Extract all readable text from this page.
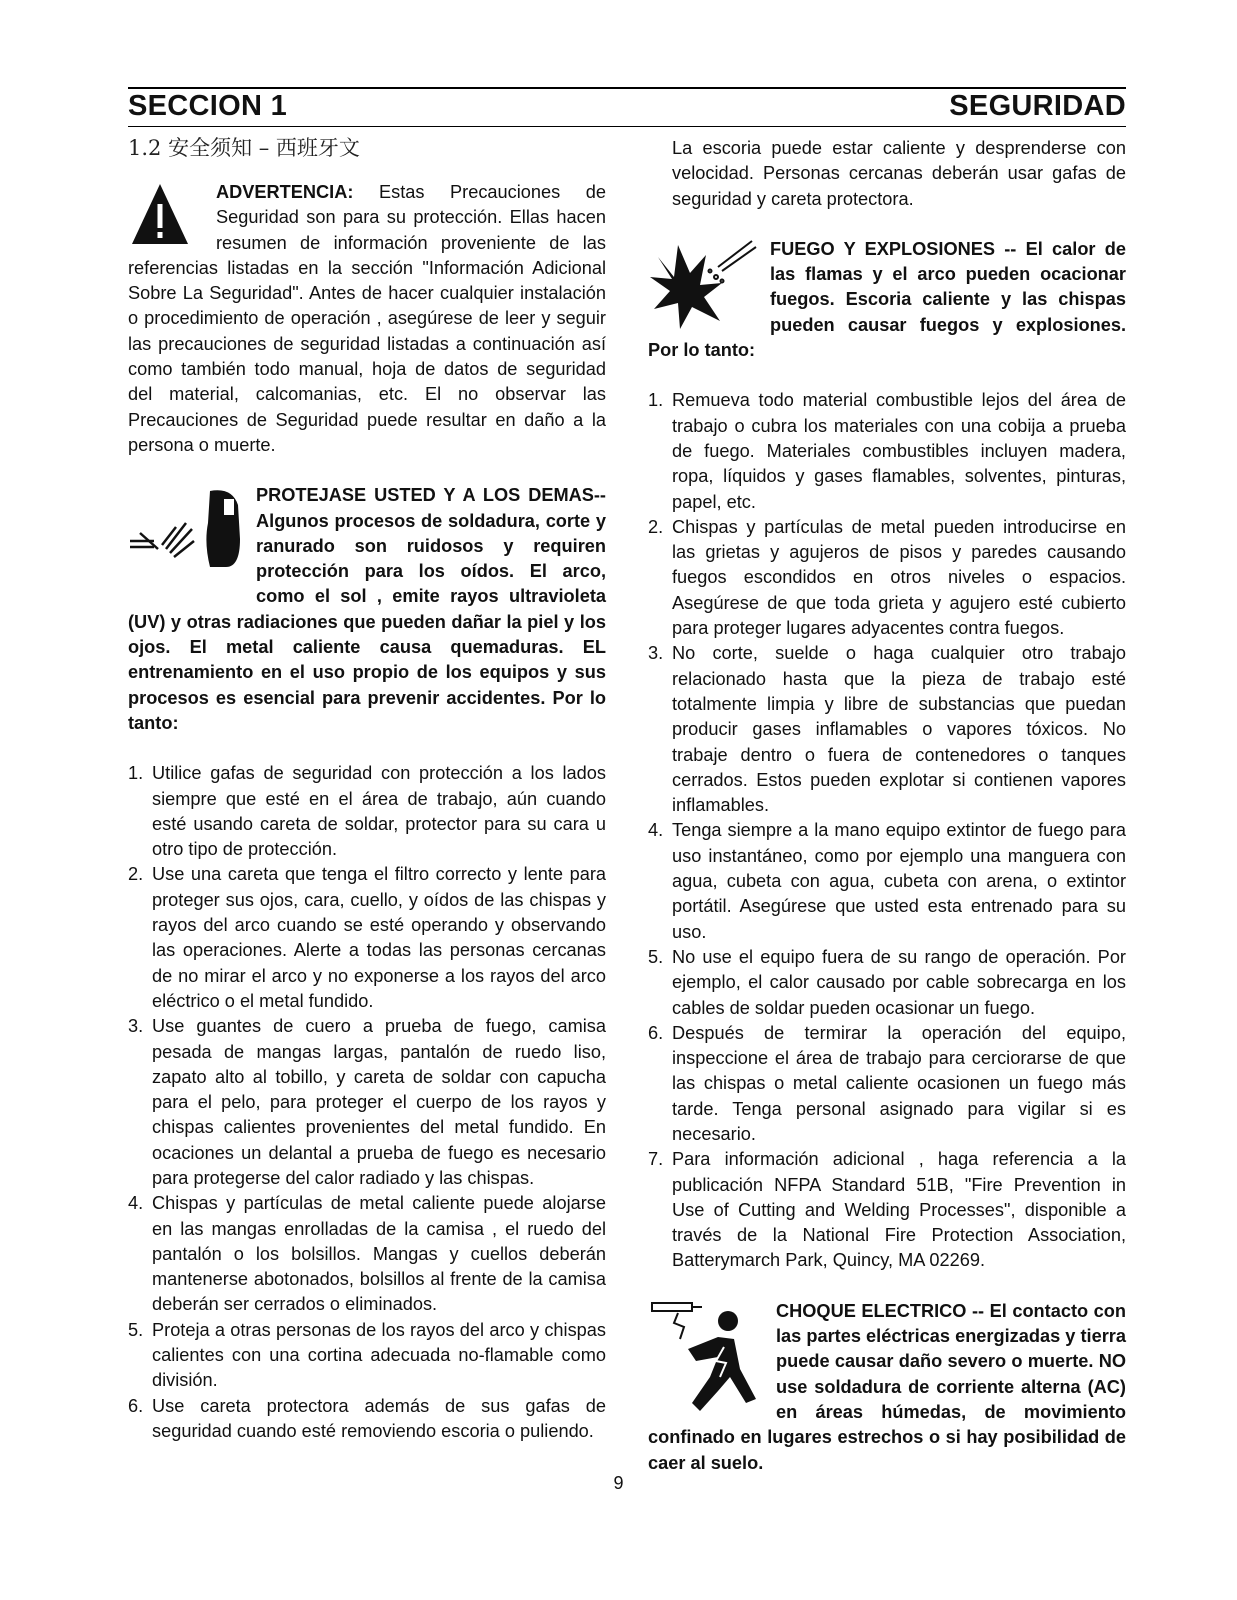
SECCION 1	SEGURIDAD
1.2 安全须知 – 西班牙文

ADVERTENCIA: Estas Precauciones de Seguridad son para su protección. Ellas hacen resumen de información proveniente de las referencias listadas en la sección "Información Adicional Sobre La Seguridad". Antes de hacer cualquier instalación o procedimiento de operación , asegúrese de leer y seguir las precauciones de seguridad listadas a continuación así como también todo manual, hoja de datos de seguridad del material, calcomanias, etc. El no observar las Precauciones de Seguridad puede resultar en daño a la persona o muerte.

PROTEJASE USTED Y A LOS DEMAS-- Algunos procesos de soldadura, corte y ranurado son ruidosos y requiren protección para los oídos. El arco, como el sol , emite rayos ultravioleta (UV) y otras radiaciones que pueden dañar la piel y los ojos. El metal caliente causa quemaduras. EL entrenamiento en el uso propio de los equipos y sus procesos es esencial para prevenir accidentes. Por lo tanto:

1. Utilice gafas de seguridad con protección a los lados siempre que esté en el área de trabajo, aún cuando esté usando careta de soldar, protector para su cara u otro tipo de protección.
2. Use una careta que tenga el filtro correcto y lente para proteger sus ojos, cara, cuello, y oídos de las chispas y rayos del arco cuando se esté operando y observando las operaciones. Alerte a todas las personas cercanas de no mirar el arco y no exponerse a los rayos del arco eléctrico o el metal fundido.
3. Use guantes de cuero a prueba de fuego, camisa pesada de mangas largas, pantalón de ruedo liso, zapato alto al tobillo, y careta de soldar con capucha para el pelo, para proteger el cuerpo de los rayos y chispas calientes provenientes del metal fundido. En ocaciones un delantal a prueba de fuego es necesario para protegerse del calor radiado y las chispas.
4. Chispas y partículas de metal caliente puede alojarse en las mangas enrolladas de la camisa , el ruedo del pantalón o los bolsillos. Mangas y cuellos deberán mantenerse abotonados, bolsillos al frente de la camisa deberán ser cerrados o eliminados.
5. Proteja a otras personas de los rayos del arco y chispas calientes con una cortina adecuada no-flamable como división.
6. Use careta protectora además de sus gafas de seguridad cuando esté removiendo escoria o puliendo.

La escoria puede estar caliente y desprenderse con velocidad. Personas cercanas deberán usar gafas de seguridad y careta protectora.

FUEGO Y EXPLOSIONES -- El calor de las flamas y el arco pueden ocacionar fuegos. Escoria caliente y las chispas pueden causar fuegos y explosiones. Por lo tanto:

1. Remueva todo material combustible lejos del área de trabajo o cubra los materiales con una cobija a prueba de fuego. Materiales combustibles incluyen madera, ropa, líquidos y gases flamables, solventes, pinturas, papel, etc.
2. Chispas y partículas de metal pueden introducirse en las grietas y agujeros de pisos y paredes causando fuegos escondidos en otros niveles o espacios. Asegúrese de que toda grieta y agujero esté cubierto para proteger lugares adyacentes contra fuegos.
3. No corte, suelde o haga cualquier otro trabajo relacionado hasta que la pieza de trabajo esté totalmente limpia y libre de substancias que puedan producir gases inflamables o vapores tóxicos. No trabaje dentro o fuera de contenedores o tanques cerrados. Estos pueden explotar si contienen vapores inflamables.
4. Tenga siempre a la mano equipo extintor de fuego para uso instantáneo, como por ejemplo una manguera con agua, cubeta con agua, cubeta con arena, o extintor portátil. Asegúrese que usted esta entrenado para su uso.
5. No use el equipo fuera de su rango de operación. Por ejemplo, el calor causado por cable sobrecarga en los cables de soldar pueden ocasionar un fuego.
6. Después de termirar la operación del equipo, inspeccione el área de trabajo para cerciorarse de que las chispas o metal caliente ocasionen un fuego más tarde. Tenga personal asignado para vigilar si es necesario.
7. Para información adicional , haga referencia a la publicación NFPA Standard 51B, "Fire Prevention in Use of Cutting and Welding Processes", disponible a través de la National Fire Protection Association, Batterymarch Park, Quincy, MA 02269.

CHOQUE ELECTRICO -- El contacto con las partes eléctricas energizadas y tierra puede causar daño severo o muerte. NO use soldadura de corriente alterna (AC) en áreas húmedas, de movimiento confinado en lugares estrechos o si hay posibilidad de caer al suelo.

9
